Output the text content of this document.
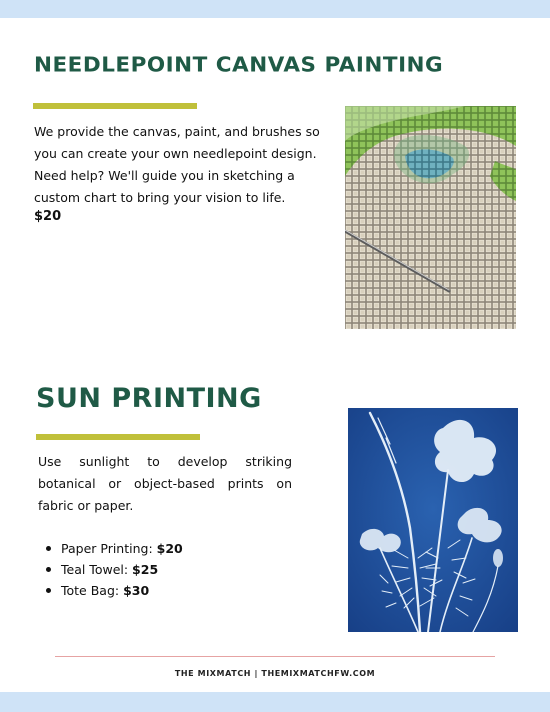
NEEDLEPOINT CANVAS PAINTING

We provide the canvas, paint, and brushes so you can create your own needlepoint design. Need help? We'll guide you in sketching a custom chart to bring your vision to life.

$20

SUN PRINTING

Use sunlight to develop striking botanical or object-based prints on fabric or paper.

Paper Printing: $20
Teal Towel: $25
Tote Bag: $30

THE MIXMATCH | THEMIXMATCHFW.COM
